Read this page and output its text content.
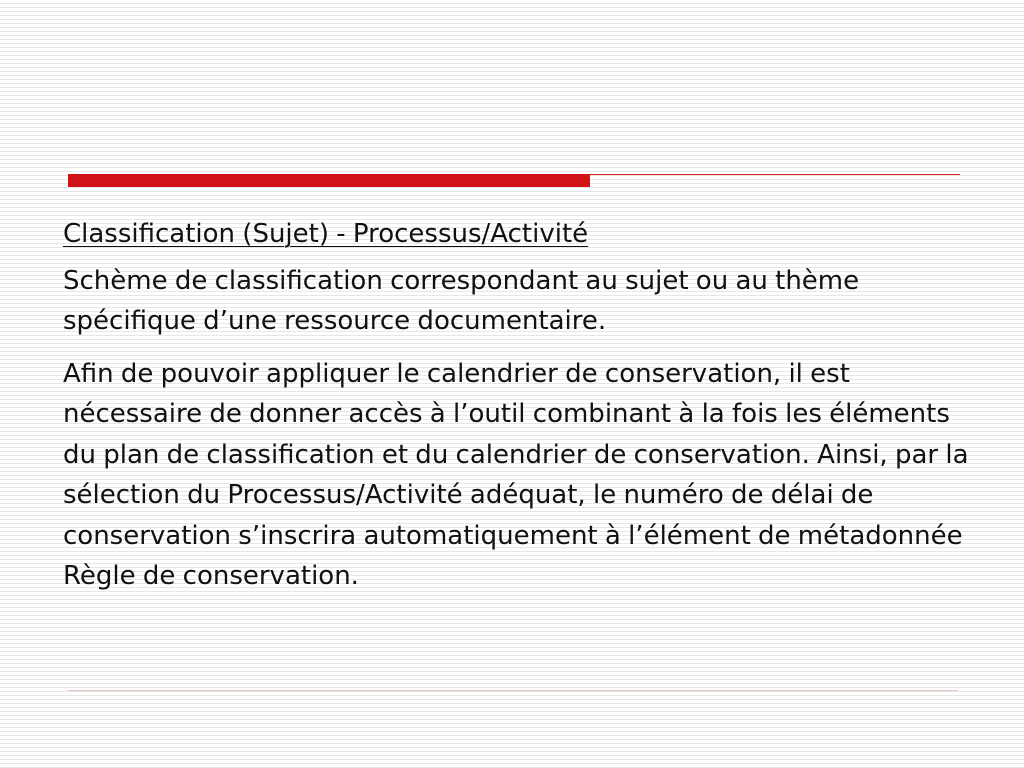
Classification (Sujet) - Processus/Activité

Schème de classification correspondant au sujet ou au thème spécifique d’une ressource documentaire.

Afin de pouvoir appliquer le calendrier de conservation, il est nécessaire de donner accès à l’outil combinant à la fois les éléments du plan de classification et du calendrier de conservation. Ainsi, par la sélection du Processus/Activité adéquat, le numéro de délai de conservation s’inscrira automatiquement à l’élément de métadonnée Règle de conservation.
